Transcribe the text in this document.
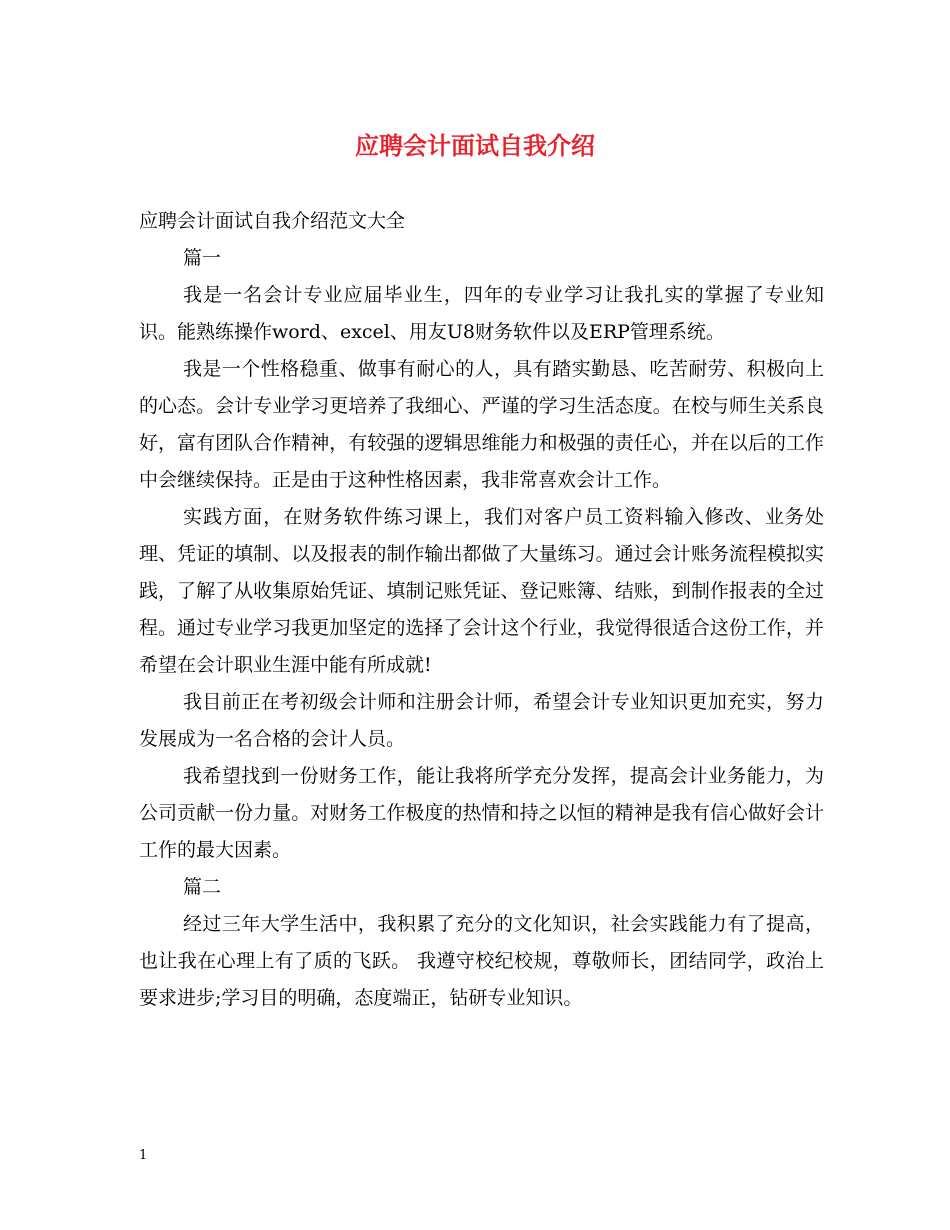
应聘会计面试自我介绍

应聘会计面试自我介绍范文大全

篇一

我是一名会计专业应届毕业生，四年的专业学习让我扎实的掌握了专业知识。能熟练操作word、excel、用友U8财务软件以及ERP管理系统。

我是一个性格稳重、做事有耐心的人，具有踏实勤恳、吃苦耐劳、积极向上的心态。会计专业学习更培养了我细心、严谨的学习生活态度。在校与师生关系良好，富有团队合作精神，有较强的逻辑思维能力和极强的责任心，并在以后的工作中会继续保持。正是由于这种性格因素，我非常喜欢会计工作。

实践方面，在财务软件练习课上，我们对客户员工资料输入修改、业务处理、凭证的填制、以及报表的制作输出都做了大量练习。通过会计账务流程模拟实践，了解了从收集原始凭证、填制记账凭证、登记账簿、结账，到制作报表的全过程。通过专业学习我更加坚定的选择了会计这个行业，我觉得很适合这份工作，并希望在会计职业生涯中能有所成就!

我目前正在考初级会计师和注册会计师，希望会计专业知识更加充实，努力发展成为一名合格的会计人员。

我希望找到一份财务工作，能让我将所学充分发挥，提高会计业务能力，为公司贡献一份力量。对财务工作极度的热情和持之以恒的精神是我有信心做好会计工作的最大因素。

篇二

经过三年大学生活中，我积累了充分的文化知识，社会实践能力有了提高，也让我在心理上有了质的飞跃。 我遵守校纪校规，尊敬师长，团结同学，政治上要求进步;学习目的明确，态度端正，钻研专业知识。

1
